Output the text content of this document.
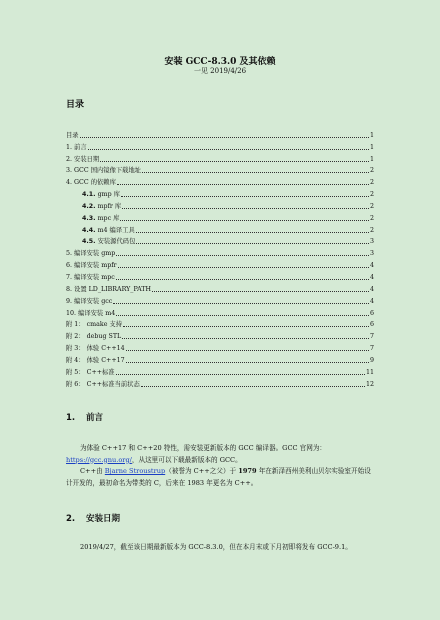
安装 GCC-8.3.0 及其依赖
一见 2019/4/26
目录
目录	1
1. 前言	1
2. 安装日期	1
3. GCC 国内镜像下载地址	2
4. GCC 的依赖库	2
4.1. gmp 库	2
4.2. mpfr 库	2
4.3. mpc 库	2
4.4. m4 编译工具	2
4.5. 安装源代码包	3
5. 编译安装 gmp	3
6. 编译安装 mpfr	4
7. 编译安装 mpc	4
8. 设置 LD_LIBRARY_PATH	4
9. 编译安装 gcc	4
10. 编译安装 m4	6
附 1： cmake 支持	6
附 2： debug STL	7
附 3： 体验 C++14	7
附 4： 体验 C++17	9
附 5： C++标准	11
附 6： C++标准当前状态	12
1. 前言
为体验 C++17 和 C++20 特性，需安装更新版本的 GCC 编译器。GCC 官网为：https://gcc.gnu.org/，从这里可以下载最新版本的 GCC。
C++由 Bjarne Stroustrup（被誉为 C++之父）于 1979 年在新泽西州美利山贝尔实验室开始设计开发的，最初命名为带类的 C，后来在 1983 年更名为 C++。
2. 安装日期
2019/4/27，截至该日期最新版本为 GCC-8.3.0，但在本月末或下月初即将发布 GCC-9.1。
